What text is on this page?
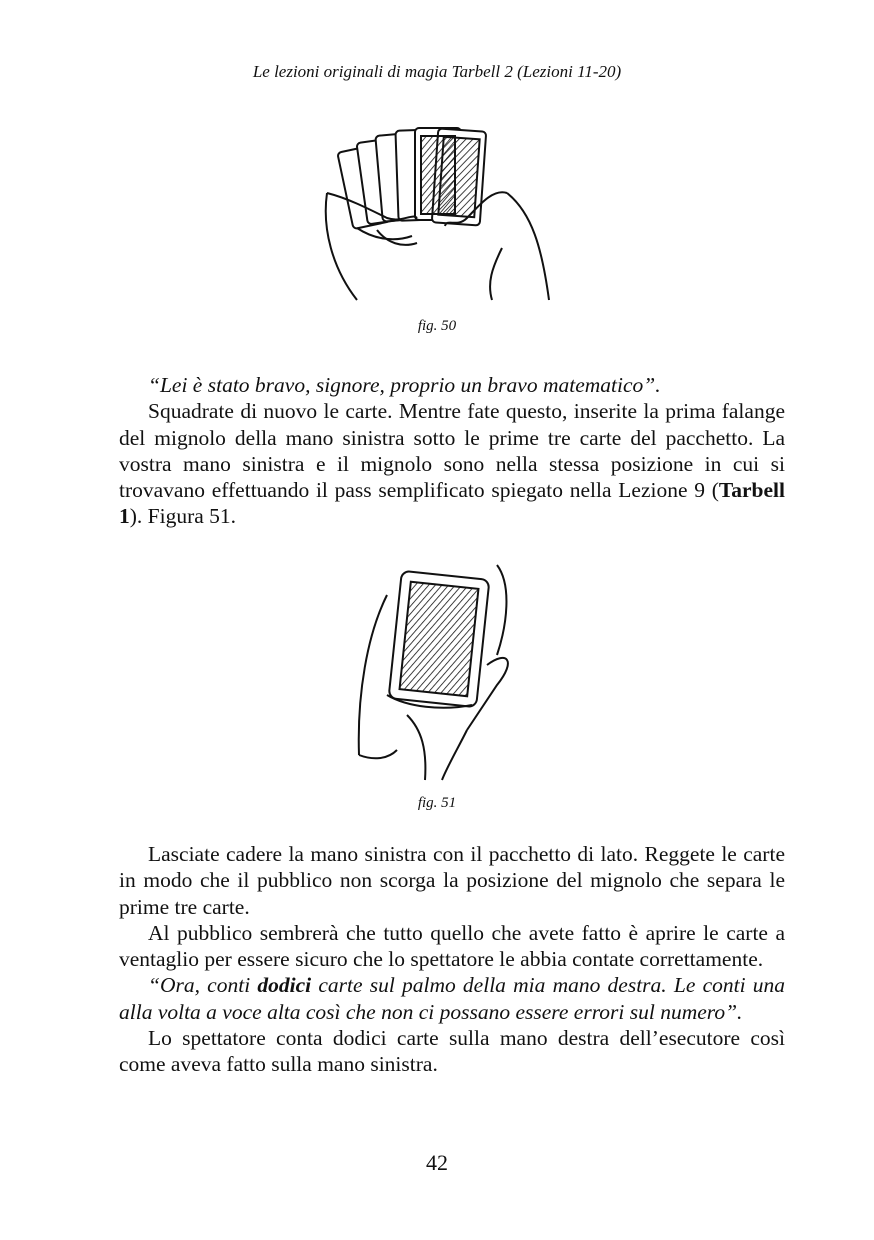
Le lezioni originali di magia Tarbell 2 (Lezioni 11-20)
fig. 50

“Lei è stato bravo, signore, proprio un bravo matematico”.

Squadrate di nuovo le carte. Mentre fate questo, inserite la prima falange del mignolo della mano sinistra sotto le prime tre carte del pacchetto. La vostra mano sinistra e il mignolo sono nella stessa posizione in cui si trovavano effettuando il pass semplificato spiegato nella Lezione 9 (Tarbell 1). Figura 51.

fig. 51

Lasciate cadere la mano sinistra con il pacchetto di lato. Reggete le carte in modo che il pubblico non scorga la posizione del mignolo che separa le prime tre carte.

Al pubblico sembrerà che tutto quello che avete fatto è aprire le carte a ventaglio per essere sicuro che lo spettatore le abbia contate correttamente.

“Ora, conti dodici carte sul palmo della mia mano destra. Le conti una alla volta a voce alta così che non ci possano essere errori sul numero”.

Lo spettatore conta dodici carte sulla mano destra dell’esecutore così come aveva fatto sulla mano sinistra.

42
